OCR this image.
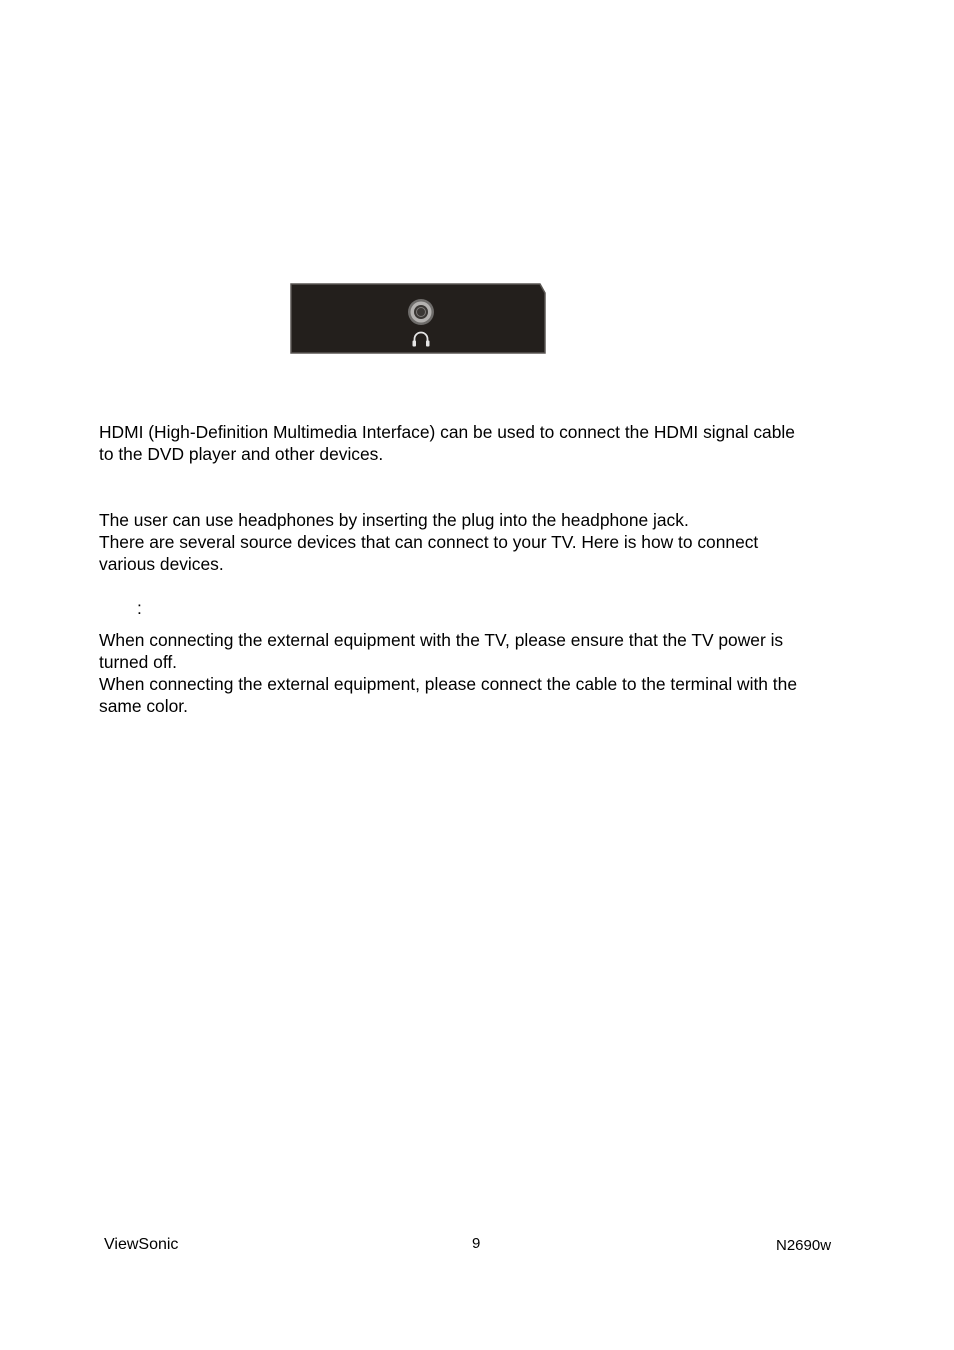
HDMI (High-Definition Multimedia Interface) can be used to connect the HDMI signal cable
to the DVD player and other devices.
The user can use headphones by inserting the plug into the headphone jack.
There are several source devices that can connect to your TV. Here is how to connect
various devices.
:
When connecting the external equipment with the TV, please ensure that the TV power is
turned off.
When connecting the external equipment, please connect the cable to the terminal with the
same color.
ViewSonic	9	N2690w
